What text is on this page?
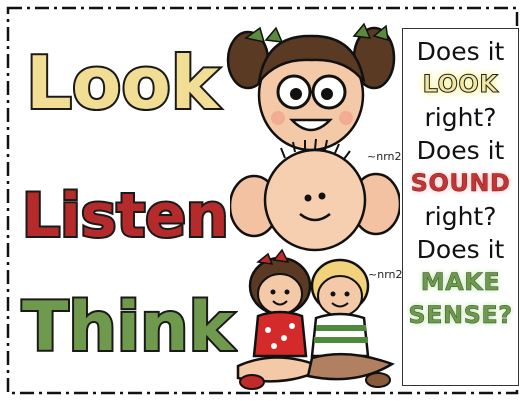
Look
Listen
Think
~nrn2
~nrn2
Does it
LOOK
right?
Does it
SOUND
right?
Does it
MAKE
SENSE?
